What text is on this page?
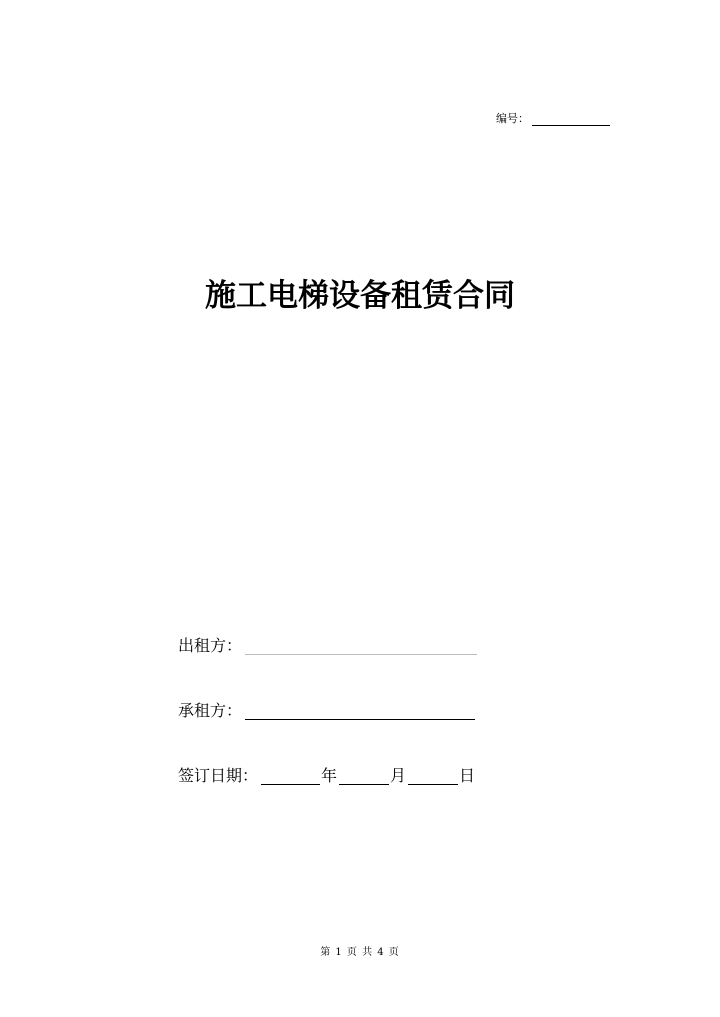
编号：
施工电梯设备租赁合同
出租方：
承租方：
签订日期：	年	月	日
第 1 页 共 4 页
